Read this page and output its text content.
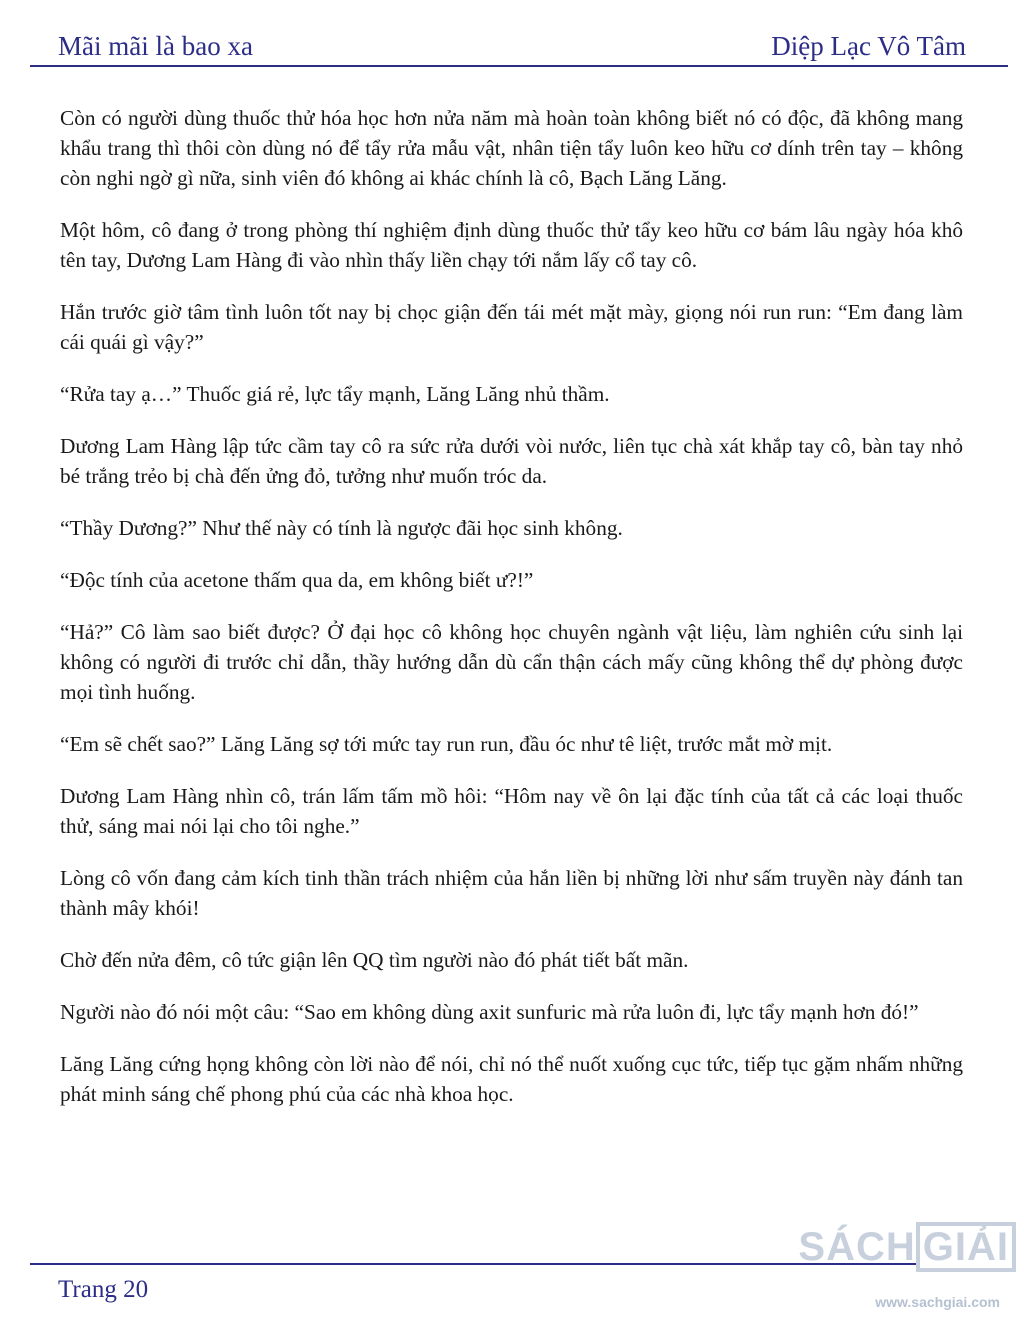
Mãi mãi là bao xa	Diệp Lạc Vô Tâm

Còn có người dùng thuốc thử hóa học hơn nửa năm mà hoàn toàn không biết nó có độc, đã không mang khẩu trang thì thôi còn dùng nó để tẩy rửa mẫu vật, nhân tiện tẩy luôn keo hữu cơ dính trên tay – không còn nghi ngờ gì nữa, sinh viên đó không ai khác chính là cô, Bạch Lăng Lăng.

Một hôm, cô đang ở trong phòng thí nghiệm định dùng thuốc thử tẩy keo hữu cơ bám lâu ngày hóa khô tên tay, Dương Lam Hàng đi vào nhìn thấy liền chạy tới nắm lấy cổ tay cô.

Hắn trước giờ tâm tình luôn tốt nay bị chọc giận đến tái mét mặt mày, giọng nói run run: “Em đang làm cái quái gì vậy?”

“Rửa tay ạ…” Thuốc giá rẻ, lực tẩy mạnh, Lăng Lăng nhủ thầm.

Dương Lam Hàng lập tức cầm tay cô ra sức rửa dưới vòi nước, liên tục chà xát khắp tay cô, bàn tay nhỏ bé trắng trẻo bị chà đến ửng đỏ, tưởng như muốn tróc da.

“Thầy Dương?” Như thế này có tính là ngược đãi học sinh không.

“Độc tính của acetone thấm qua da, em không biết ư?!”

“Hả?” Cô làm sao biết được? Ở đại học cô không học chuyên ngành vật liệu, làm nghiên cứu sinh lại không có người đi trước chỉ dẫn, thầy hướng dẫn dù cẩn thận cách mấy cũng không thể dự phòng được mọi tình huống.

“Em sẽ chết sao?” Lăng Lăng sợ tới mức tay run run, đầu óc như tê liệt, trước mắt mờ mịt.

Dương Lam Hàng nhìn cô, trán lấm tấm mồ hôi: “Hôm nay về ôn lại đặc tính của tất cả các loại thuốc thử, sáng mai nói lại cho tôi nghe.”

Lòng cô vốn đang cảm kích tinh thần trách nhiệm của hắn liền bị những lời như sấm truyền này đánh tan thành mây khói!

Chờ đến nửa đêm, cô tức giận lên QQ tìm người nào đó phát tiết bất mãn.

Người nào đó nói một câu: “Sao em không dùng axit sunfuric mà rửa luôn đi, lực tẩy mạnh hơn đó!”

Lăng Lăng cứng họng không còn lời nào để nói, chỉ nó thể nuốt xuống cục tức, tiếp tục gặm nhấm những phát minh sáng chế phong phú của các nhà khoa học.

Trang 20
SÁCH GIẢI
www.sachgiai.com
